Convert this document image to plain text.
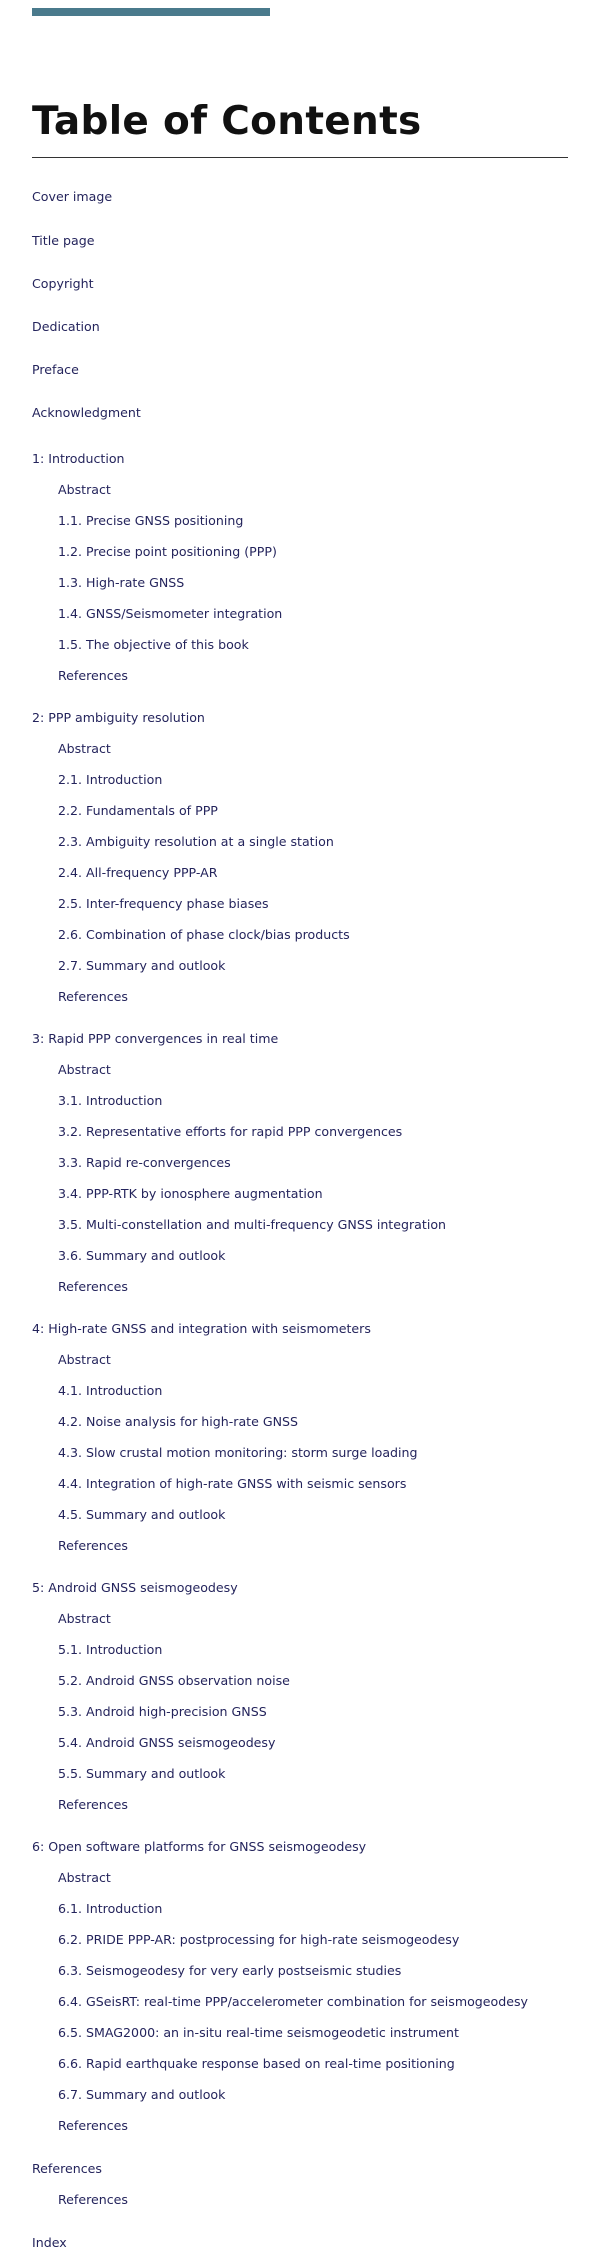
Table of Contents
Cover image
Title page
Copyright
Dedication
Preface
Acknowledgment
1: Introduction
Abstract
1.1. Precise GNSS positioning
1.2. Precise point positioning (PPP)
1.3. High-rate GNSS
1.4. GNSS/Seismometer integration
1.5. The objective of this book
References
2: PPP ambiguity resolution
Abstract
2.1. Introduction
2.2. Fundamentals of PPP
2.3. Ambiguity resolution at a single station
2.4. All-frequency PPP-AR
2.5. Inter-frequency phase biases
2.6. Combination of phase clock/bias products
2.7. Summary and outlook
References
3: Rapid PPP convergences in real time
Abstract
3.1. Introduction
3.2. Representative efforts for rapid PPP convergences
3.3. Rapid re-convergences
3.4. PPP-RTK by ionosphere augmentation
3.5. Multi-constellation and multi-frequency GNSS integration
3.6. Summary and outlook
References
4: High-rate GNSS and integration with seismometers
Abstract
4.1. Introduction
4.2. Noise analysis for high-rate GNSS
4.3. Slow crustal motion monitoring: storm surge loading
4.4. Integration of high-rate GNSS with seismic sensors
4.5. Summary and outlook
References
5: Android GNSS seismogeodesy
Abstract
5.1. Introduction
5.2. Android GNSS observation noise
5.3. Android high-precision GNSS
5.4. Android GNSS seismogeodesy
5.5. Summary and outlook
References
6: Open software platforms for GNSS seismogeodesy
Abstract
6.1. Introduction
6.2. PRIDE PPP-AR: postprocessing for high-rate seismogeodesy
6.3. Seismogeodesy for very early postseismic studies
6.4. GSeisRT: real-time PPP/accelerometer combination for seismogeodesy
6.5. SMAG2000: an in-situ real-time seismogeodetic instrument
6.6. Rapid earthquake response based on real-time positioning
6.7. Summary and outlook
References
References
References
Index
